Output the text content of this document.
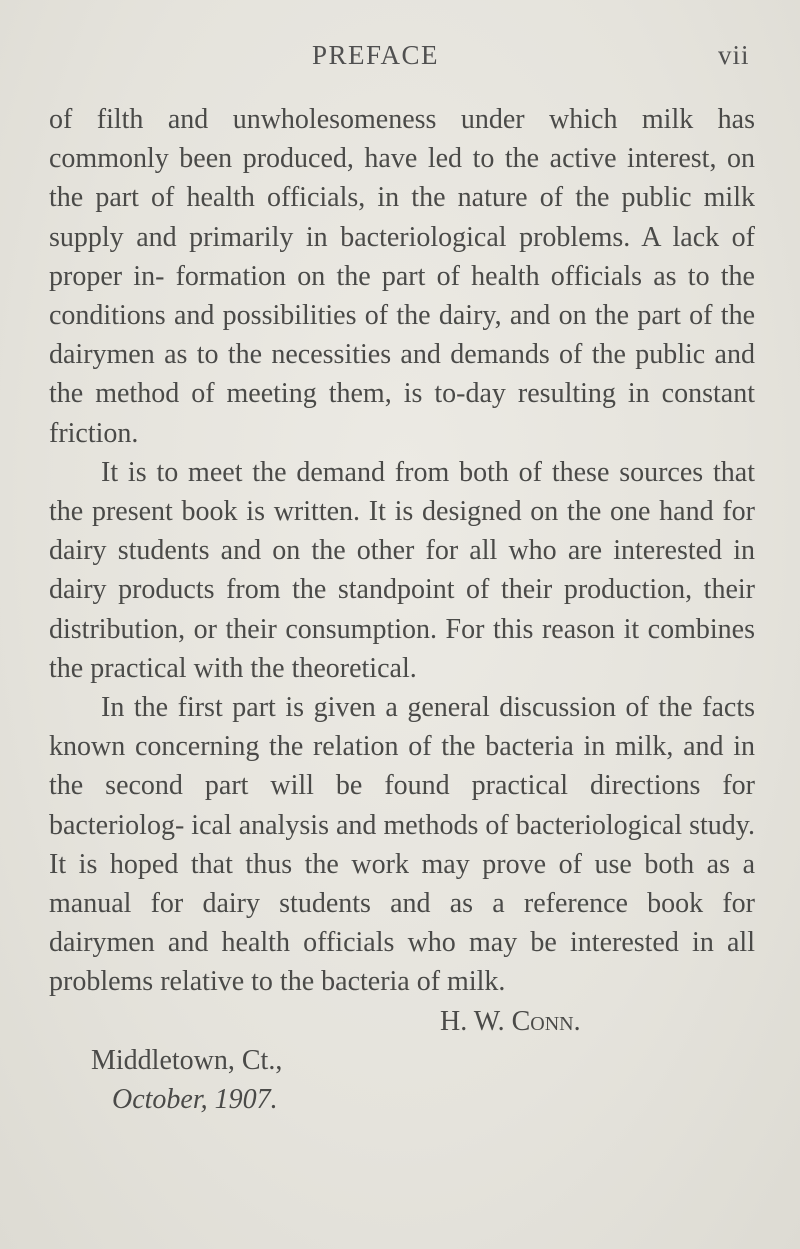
PREFACE	vii

of filth and unwholesomeness under which milk has commonly been produced, have led to the active interest, on the part of health officials, in the nature of the public milk supply and primarily in bacteriological problems. A lack of proper in- formation on the part of health officials as to the conditions and possibilities of the dairy, and on the part of the dairymen as to the necessities and demands of the public and the method of meeting them, is to-day resulting in constant friction.

It is to meet the demand from both of these sources that the present book is written. It is designed on the one hand for dairy students and on the other for all who are interested in dairy products from the standpoint of their production, their distribution, or their consumption. For this reason it combines the practical with the theoretical.

In the first part is given a general discussion of the facts known concerning the relation of the bacteria in milk, and in the second part will be found practical directions for bacteriolog- ical analysis and methods of bacteriological study. It is hoped that thus the work may prove of use both as a manual for dairy students and as a reference book for dairymen and health officials who may be interested in all problems relative to the bacteria of milk.

H. W. Conn.

Middletown, Ct.,

October, 1907.
